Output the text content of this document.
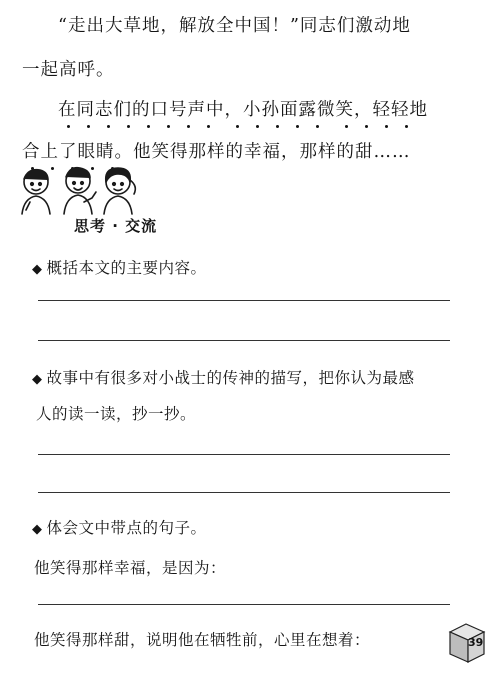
“走出大草地，解放全中国！”同志们激动地
一起高呼。
在同志们的口号声中，小孙面露微笑，轻轻地
合上了眼睛。他笑得那样的幸福，那样的甜……
思考 · 交流
◆ 概括本文的主要内容。
◆ 故事中有很多对小战士的传神的描写，把你认为最感
人的读一读，抄一抄。
◆ 体会文中带点的句子。
他笑得那样幸福，是因为：
他笑得那样甜，说明他在牺牲前，心里在想着：	39
